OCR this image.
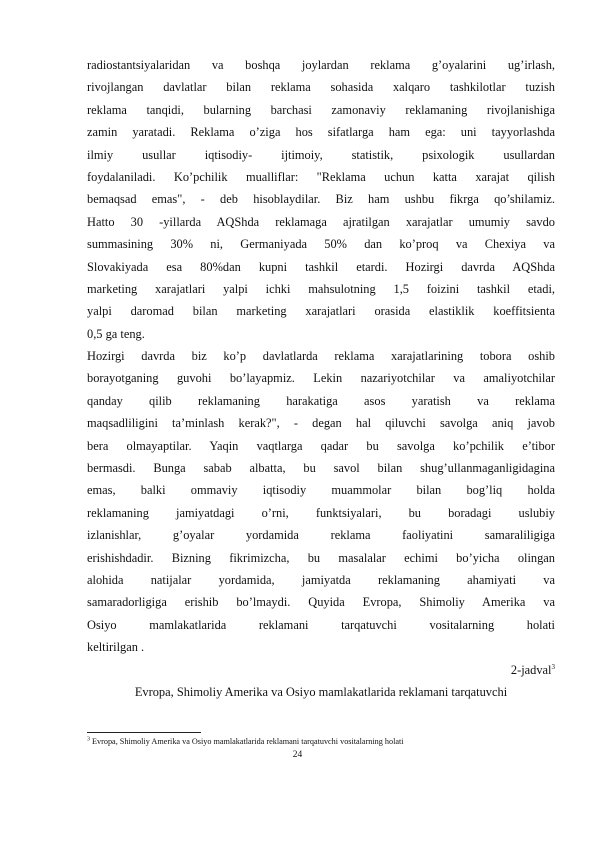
radiostantsiyalaridan va boshqa joylardan reklama g’oyalarini ug’irlash,
rivojlangan davlatlar bilan reklama sohasida xalqaro tashkilotlar tuzish
reklama tanqidi, bularning barchasi zamonaviy reklamaning rivojlanishiga
zamin yaratadi. Reklama o’ziga hos sifatlarga ham ega: uni tayyorlashda
ilmiy usullar iqtisodiy- ijtimoiy, statistik, psixologik usullardan
foydalaniladi. Ko’pchilik mualliflar: "Reklama uchun katta xarajat qilish
bemaqsad emas", - deb hisoblaydilar. Biz ham ushbu fikrga qo’shilamiz.
Hatto 30 -yillarda AQShda reklamaga ajratilgan xarajatlar umumiy savdo
summasining 30% ni, Germaniyada 50% dan ko’proq va Chexiya va
Slovakiyada esa 80%dan kupni tashkil etardi. Hozirgi davrda AQShda
marketing xarajatlari yalpi ichki mahsulotning 1,5 foizini tashkil etadi,
yalpi daromad bilan marketing xarajatlari orasida elastiklik koeffitsienta
0,5 ga teng.
Hozirgi davrda biz ko’p davlatlarda reklama xarajatlarining tobora oshib
borayotganing guvohi bo’layapmiz. Lekin nazariyotchilar va amaliyotchilar
qanday qilib reklamaning harakatiga asos yaratish va reklama
maqsadliligini ta’minlash kerak?", - degan hal qiluvchi savolga aniq javob
bera olmayaptilar. Yaqin vaqtlarga qadar bu savolga ko’pchilik e’tibor
bermasdi. Bunga sabab albatta, bu savol bilan shug’ullanmaganligidagina
emas, balki ommaviy iqtisodiy muammolar bilan bog’liq holda
reklamaning jamiyatdagi o’rni, funktsiyalari, bu boradagi uslubiy
izlanishlar, g’oyalar yordamida reklama faoliyatini samaraliligiga
erishishdadir. Bizning fikrimizcha, bu masalalar echimi bo’yicha olingan
alohida natijalar yordamida, jamiyatda reklamaning ahamiyati va
samaradorligiga erishib bo’lmaydi. Quyida Evropa, Shimoliy Amerika va
Osiyo mamlakatlarida reklamani tarqatuvchi vositalarning holati
keltirilgan .
2-jadval$^3$
Evropa, Shimoliy Amerika va Osiyo mamlakatlarida reklamani tarqatuvchi
$^3$ Evropa, Shimoliy Amerika va Osiyo mamlakatlarida reklamani tarqatuvchi vositalarning holati
24
